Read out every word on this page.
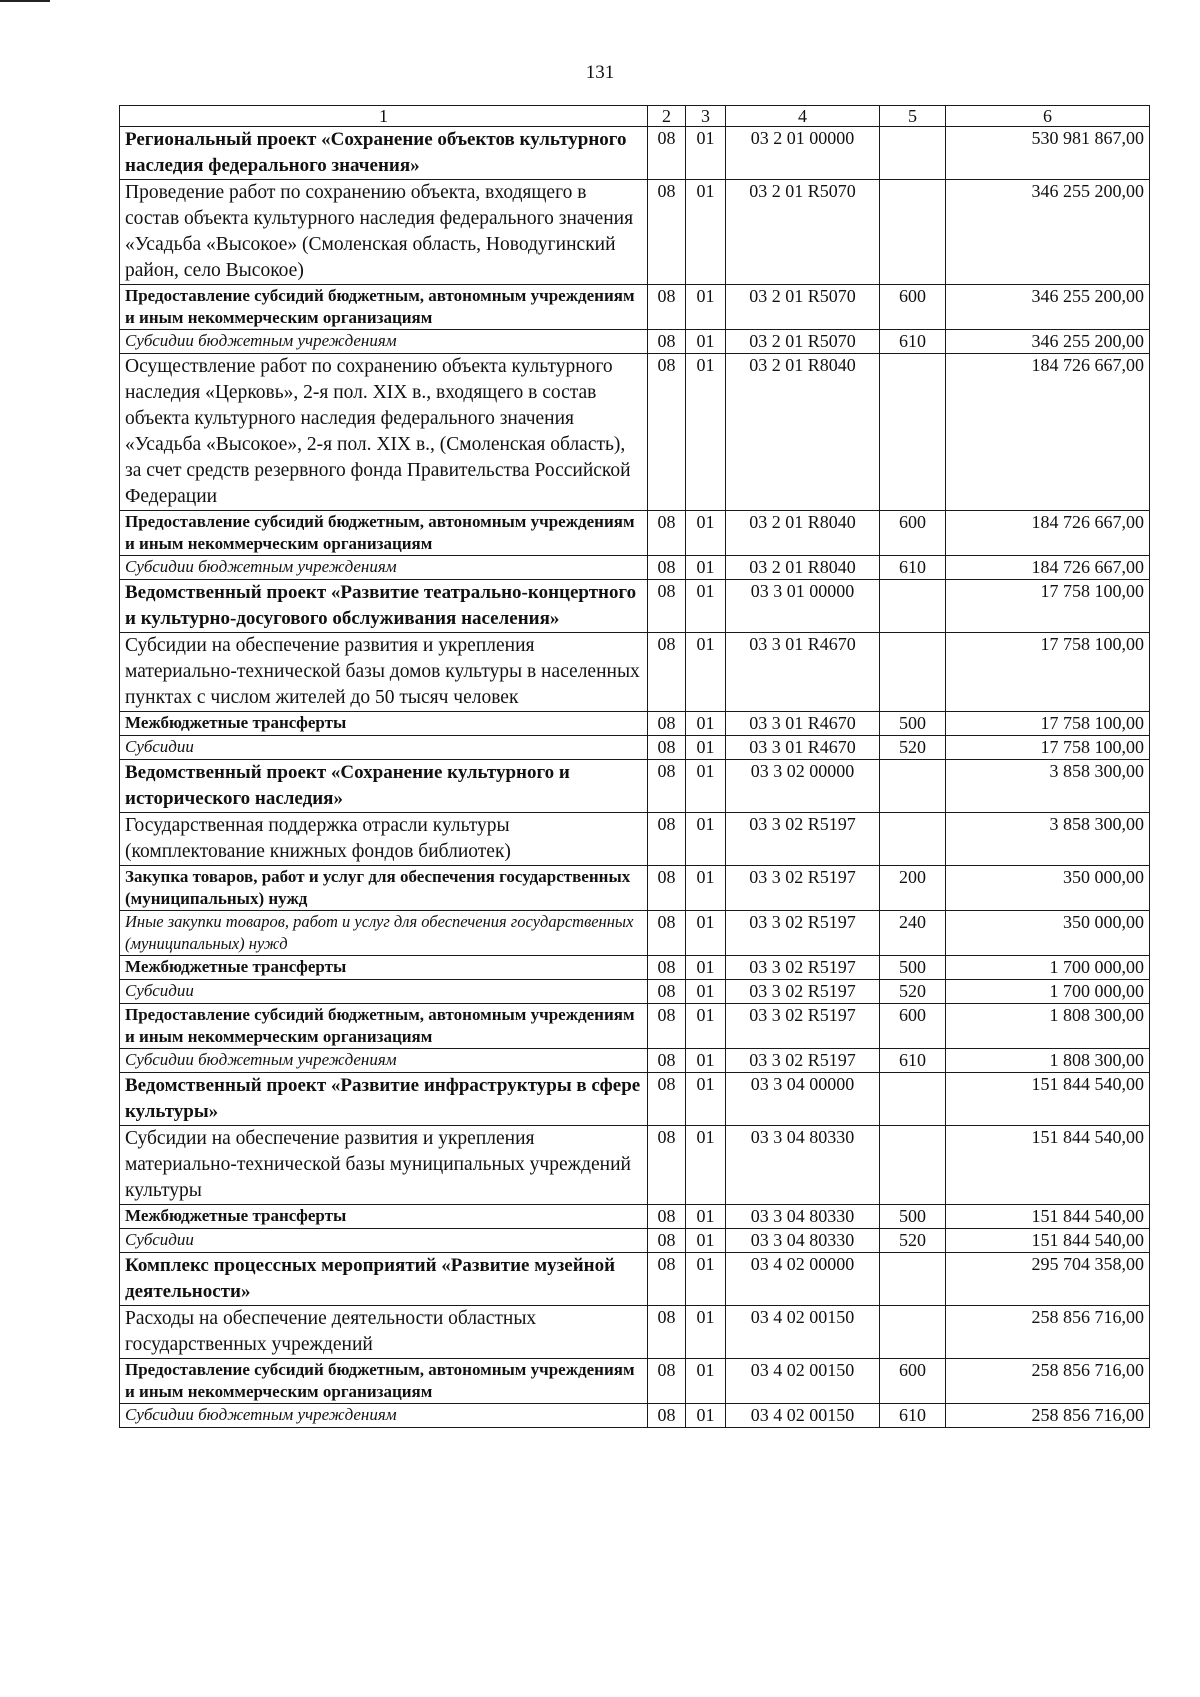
131
1	2	3	4	5	6
Региональный проект «Сохранение объектов культурного наследия федерального значения»	08	01	03 2 01 00000		530 981 867,00
Проведение работ по сохранению объекта, входящего в состав объекта культурного наследия федерального значения «Усадьба «Высокое» (Смоленская область, Новодугинский район, село Высокое)	08	01	03 2 01 R5070		346 255 200,00
Предоставление субсидий бюджетным, автономным учреждениям и иным некоммерческим организациям	08	01	03 2 01 R5070	600	346 255 200,00
Субсидии бюджетным учреждениям	08	01	03 2 01 R5070	610	346 255 200,00
Осуществление работ по сохранению объекта культурного наследия «Церковь», 2-я пол. XIX в., входящего в состав объекта культурного наследия федерального значения «Усадьба «Высокое», 2-я пол. XIX в., (Смоленская область), за счет средств резервного фонда Правительства Российской Федерации	08	01	03 2 01 R8040		184 726 667,00
Предоставление субсидий бюджетным, автономным учреждениям и иным некоммерческим организациям	08	01	03 2 01 R8040	600	184 726 667,00
Субсидии бюджетным учреждениям	08	01	03 2 01 R8040	610	184 726 667,00
Ведомственный проект «Развитие театрально-концертного и культурно-досугового обслуживания населения»	08	01	03 3 01 00000		17 758 100,00
Субсидии на обеспечение развития и укрепления материально-технической базы домов культуры в населенных пунктах с числом жителей до 50 тысяч человек	08	01	03 3 01 R4670		17 758 100,00
Межбюджетные трансферты	08	01	03 3 01 R4670	500	17 758 100,00
Субсидии	08	01	03 3 01 R4670	520	17 758 100,00
Ведомственный проект «Сохранение культурного и исторического наследия»	08	01	03 3 02 00000		3 858 300,00
Государственная поддержка отрасли культуры (комплектование книжных фондов библиотек)	08	01	03 3 02 R5197		3 858 300,00
Закупка товаров, работ и услуг для обеспечения государственных (муниципальных) нужд	08	01	03 3 02 R5197	200	350 000,00
Иные закупки товаров, работ и услуг для обеспечения государственных (муниципальных) нужд	08	01	03 3 02 R5197	240	350 000,00
Межбюджетные трансферты	08	01	03 3 02 R5197	500	1 700 000,00
Субсидии	08	01	03 3 02 R5197	520	1 700 000,00
Предоставление субсидий бюджетным, автономным учреждениям и иным некоммерческим организациям	08	01	03 3 02 R5197	600	1 808 300,00
Субсидии бюджетным учреждениям	08	01	03 3 02 R5197	610	1 808 300,00
Ведомственный проект «Развитие инфраструктуры в сфере культуры»	08	01	03 3 04 00000		151 844 540,00
Субсидии на обеспечение развития и укрепления материально-технической базы муниципальных учреждений культуры	08	01	03 3 04 80330		151 844 540,00
Межбюджетные трансферты	08	01	03 3 04 80330	500	151 844 540,00
Субсидии	08	01	03 3 04 80330	520	151 844 540,00
Комплекс процессных мероприятий «Развитие музейной деятельности»	08	01	03 4 02 00000		295 704 358,00
Расходы на обеспечение деятельности областных государственных учреждений	08	01	03 4 02 00150		258 856 716,00
Предоставление субсидий бюджетным, автономным учреждениям и иным некоммерческим организациям	08	01	03 4 02 00150	600	258 856 716,00
Субсидии бюджетным учреждениям	08	01	03 4 02 00150	610	258 856 716,00
